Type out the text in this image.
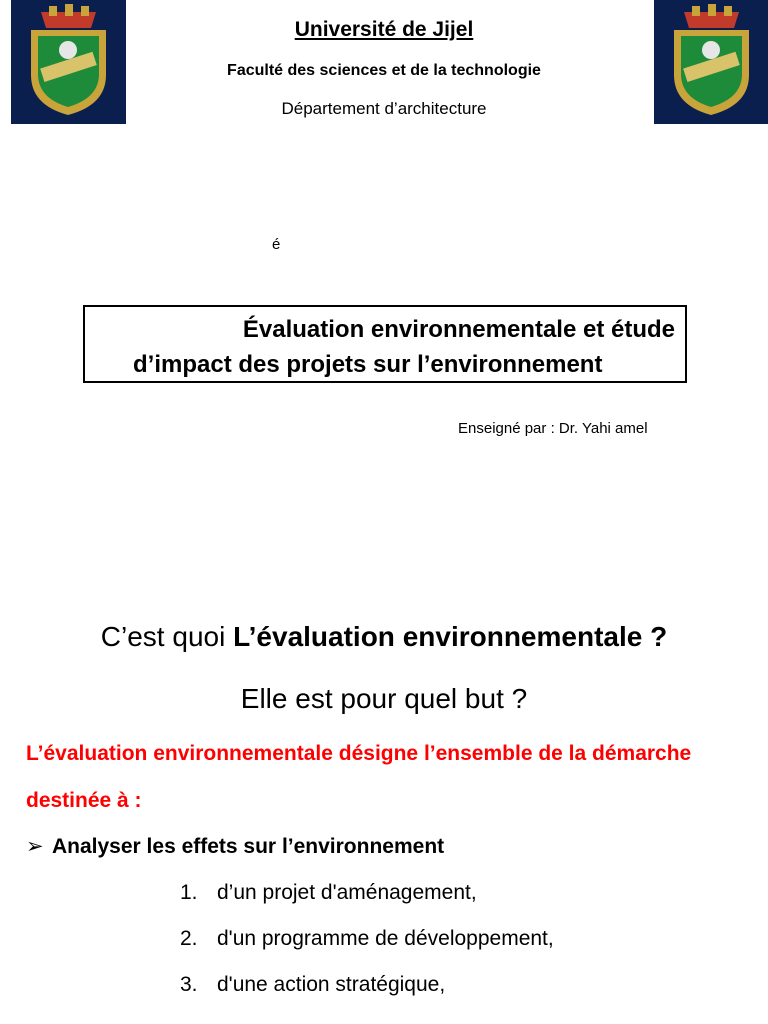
Université de Jijel
Faculté des sciences et de la technologie
Département d’architecture
é
Évaluation environnementale et étude
d’impact des projets sur l’environnement
Enseigné par : Dr. Yahi amel
C’est quoi L’évaluation environnementale ?
Elle est pour quel but ?
L’évaluation environnementale désigne l’ensemble de la démarche
destinée à :
➢ Analyser les effets sur l’environnement
1. d’un projet d'aménagement,
2. d'un programme de développement,
3. d'une action stratégique,
